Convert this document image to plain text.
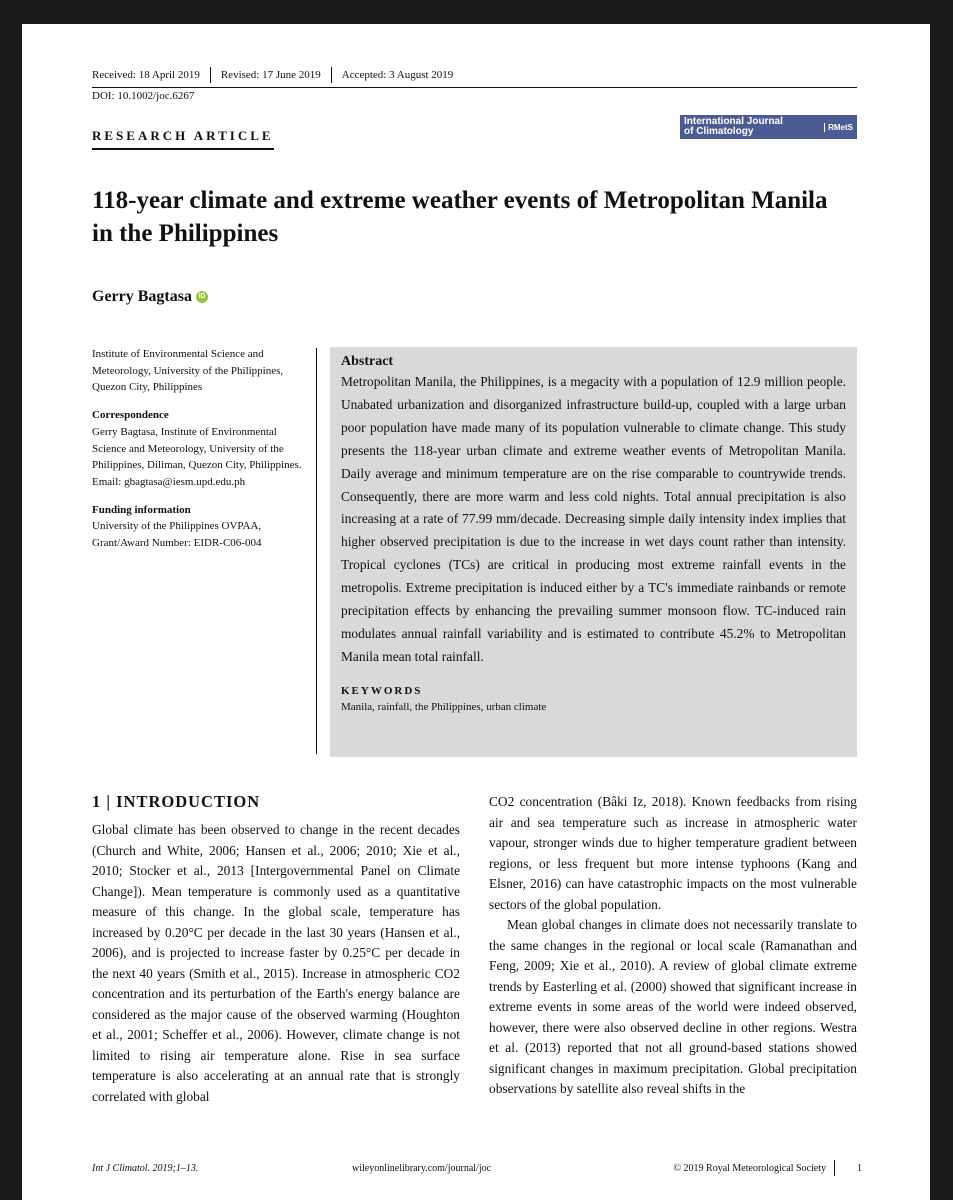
Received: 18 April 2019 Revised: 17 June 2019 Accepted: 3 August 2019
DOI: 10.1002/joc.6267
RESEARCH ARTICLE
International Journal
of Climatology	RMetS
118-year climate and extreme weather events of Metropolitan Manila in the Philippines
Gerry Bagtasa iD
Institute of Environmental Science and Meteorology, University of the Philippines, Quezon City, Philippines
Correspondence
Gerry Bagtasa, Institute of Environmental Science and Meteorology, University of the Philippines, Diliman, Quezon City, Philippines.
Email: gbagtasa@iesm.upd.edu.ph
Funding information
University of the Philippines OVPAA, Grant/Award Number: EIDR-C06-004
Abstract

Metropolitan Manila, the Philippines, is a megacity with a population of 12.9 million people. Unabated urbanization and disorganized infrastructure build-up, coupled with a large urban poor population have made many of its population vulnerable to climate change. This study presents the 118-year urban climate and extreme weather events of Metropolitan Manila. Daily average and minimum temperature are on the rise comparable to countrywide trends. Consequently, there are more warm and less cold nights. Total annual precipitation is also increasing at a rate of 77.99 mm/decade. Decreasing simple daily intensity index implies that higher observed precipitation is due to the increase in wet days count rather than intensity. Tropical cyclones (TCs) are critical in producing most extreme rainfall events in the metropolis. Extreme precipitation is induced either by a TC's immediate rainbands or remote precipitation effects by enhancing the prevailing summer monsoon flow. TC-induced rain modulates annual rainfall variability and is estimated to contribute 45.2% to Metropolitan Manila mean total rainfall.

KEYWORDS
Manila, rainfall, the Philippines, urban climate
1 | INTRODUCTION

Global climate has been observed to change in the recent decades (Church and White, 2006; Hansen et al., 2006; 2010; Xie et al., 2010; Stocker et al., 2013 [Intergovernmental Panel on Climate Change]). Mean temperature is commonly used as a quantitative measure of this change. In the global scale, temperature has increased by 0.20°C per decade in the last 30 years (Hansen et al., 2006), and is projected to increase faster by 0.25°C per decade in the next 40 years (Smith et al., 2015). Increase in atmospheric CO2 concentration and its perturbation of the Earth's energy balance are considered as the major cause of the observed warming (Houghton et al., 2001; Scheffer et al., 2006). However, climate change is not limited to rising air temperature alone. Rise in sea surface temperature is also accelerating at an annual rate that is strongly correlated with global

CO2 concentration (Bâki Iz, 2018). Known feedbacks from rising air and sea temperature such as increase in atmospheric water vapour, stronger winds due to higher temperature gradient between regions, or less frequent but more intense typhoons (Kang and Elsner, 2016) can have catastrophic impacts on the most vulnerable sectors of the global population.

Mean global changes in climate does not necessarily translate to the same changes in the regional or local scale (Ramanathan and Feng, 2009; Xie et al., 2010). A review of global climate extreme trends by Easterling et al. (2000) showed that significant increase in extreme events in some areas of the world were indeed observed, however, there were also observed decline in other regions. Westra et al. (2013) reported that not all ground-based stations showed significant changes in maximum precipitation. Global precipitation observations by satellite also reveal shifts in the

Int J Climatol. 2019;1–13.	wileyonlinelibrary.com/journal/joc	© 2019 Royal Meteorological Society	1
